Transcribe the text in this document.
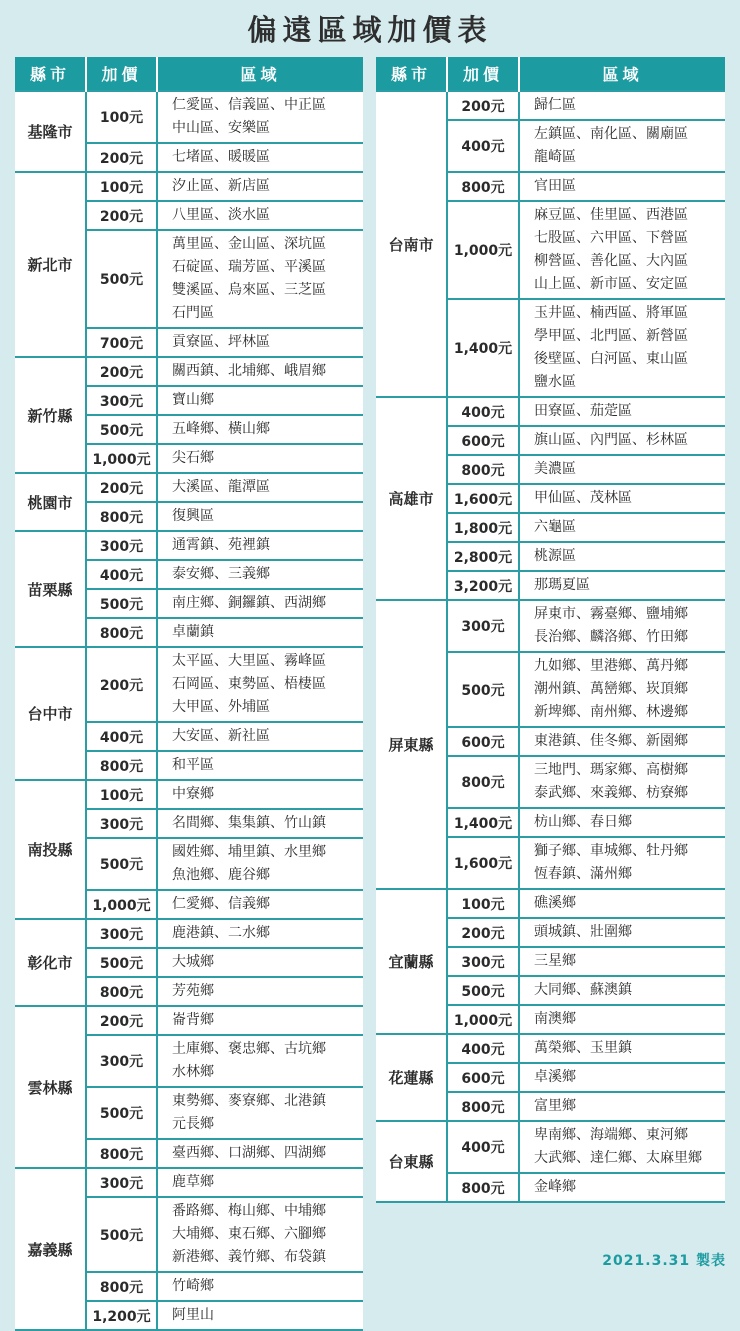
偏遠區域加價表
縣市	加價	區域
基隆市	100元	仁愛區、信義區、中正區
中山區、安樂區

	200元	七堵區、暖暖區

新北市	100元	汐止區、新店區

	200元	八里區、淡水區

	500元	萬里區、金山區、深坑區
石碇區、瑞芳區、平溪區
雙溪區、烏來區、三芝區
石門區

	700元	貢寮區、坪林區

新竹縣	200元	關西鎮、北埔鄉、峨眉鄉

	300元	寶山鄉

	500元	五峰鄉、橫山鄉

	1,000元	尖石鄉

桃園市	200元	大溪區、龍潭區

	800元	復興區

苗栗縣	300元	通霄鎮、苑裡鎮

	400元	泰安鄉、三義鄉

	500元	南庄鄉、銅鑼鎮、西湖鄉

	800元	卓蘭鎮

台中市	200元	太平區、大里區、霧峰區
石岡區、東勢區、梧棲區
大甲區、外埔區

	400元	大安區、新社區

	800元	和平區

南投縣	100元	中寮鄉

	300元	名間鄉、集集鎮、竹山鎮

	500元	國姓鄉、埔里鎮、水里鄉
魚池鄉、鹿谷鄉

	1,000元	仁愛鄉、信義鄉

彰化市	300元	鹿港鎮、二水鄉

	500元	大城鄉

	800元	芳苑鄉

雲林縣	200元	崙背鄉

	300元	土庫鄉、褒忠鄉、古坑鄉
水林鄉

	500元	東勢鄉、麥寮鄉、北港鎮
元長鄉

	800元	臺西鄉、口湖鄉、四湖鄉

嘉義縣	300元	鹿草鄉

	500元	番路鄉、梅山鄉、中埔鄉
大埔鄉、東石鄉、六腳鄉
新港鄉、義竹鄉、布袋鎮

	800元	竹崎鄉

	1,200元	阿里山
縣市	加價	區域
台南市	200元	歸仁區

	400元	左鎮區、南化區、關廟區
龍崎區

	800元	官田區

	1,000元	麻豆區、佳里區、西港區
七股區、六甲區、下營區
柳營區、善化區、大內區
山上區、新市區、安定區

	1,400元	玉井區、楠西區、將軍區
學甲區、北門區、新營區
後壁區、白河區、東山區
鹽水區

高雄市	400元	田寮區、茄萣區

	600元	旗山區、內門區、杉林區

	800元	美濃區

	1,600元	甲仙區、茂林區

	1,800元	六龜區

	2,800元	桃源區

	3,200元	那瑪夏區

屏東縣	300元	屏東市、霧臺鄉、鹽埔鄉
長治鄉、麟洛鄉、竹田鄉

	500元	九如鄉、里港鄉、萬丹鄉
潮州鎮、萬巒鄉、崁頂鄉
新埤鄉、南州鄉、林邊鄉

	600元	東港鎮、佳冬鄉、新園鄉

	800元	三地門、瑪家鄉、高樹鄉
泰武鄉、來義鄉、枋寮鄉

	1,400元	枋山鄉、春日鄉

	1,600元	獅子鄉、車城鄉、牡丹鄉
恆春鎮、滿州鄉

宜蘭縣	100元	礁溪鄉

	200元	頭城鎮、壯圍鄉

	300元	三星鄉

	500元	大同鄉、蘇澳鎮

	1,000元	南澳鄉

花蓮縣	400元	萬榮鄉、玉里鎮

	600元	卓溪鄉

	800元	富里鄉

台東縣	400元	卑南鄉、海端鄉、東河鄉
大武鄉、達仁鄉、太麻里鄉

	800元	金峰鄉
2021.3.31 製表
